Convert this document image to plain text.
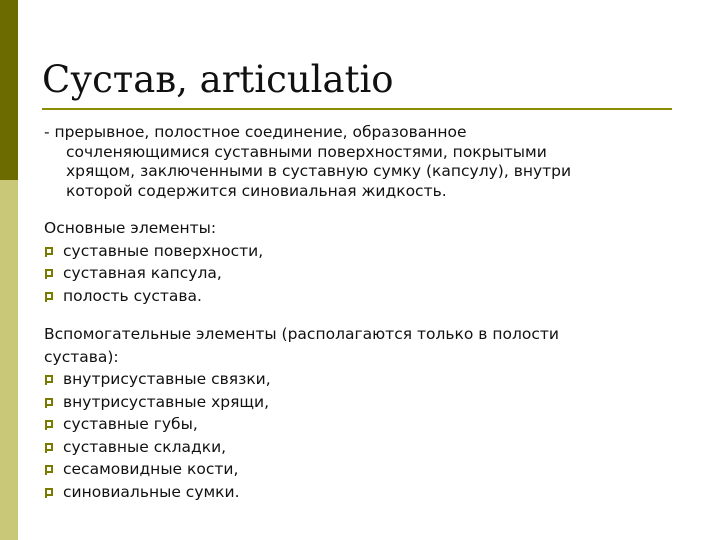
Сустав, articulatio
- прерывное, полостное соединение, образованное
сочленяющимися суставными поверхностями, покрытыми
хрящом, заключенными в суставную сумку (капсулу), внутри
которой содержится синовиальная жидкость.
Основные элементы:
суставные поверхности,
суставная капсула,
полость сустава.
Вспомогательные элементы (располагаются только в полости
сустава):
внутрисуставные связки,
внутрисуставные хрящи,
суставные губы,
суставные складки,
сесамовидные кости,
синовиальные сумки.
